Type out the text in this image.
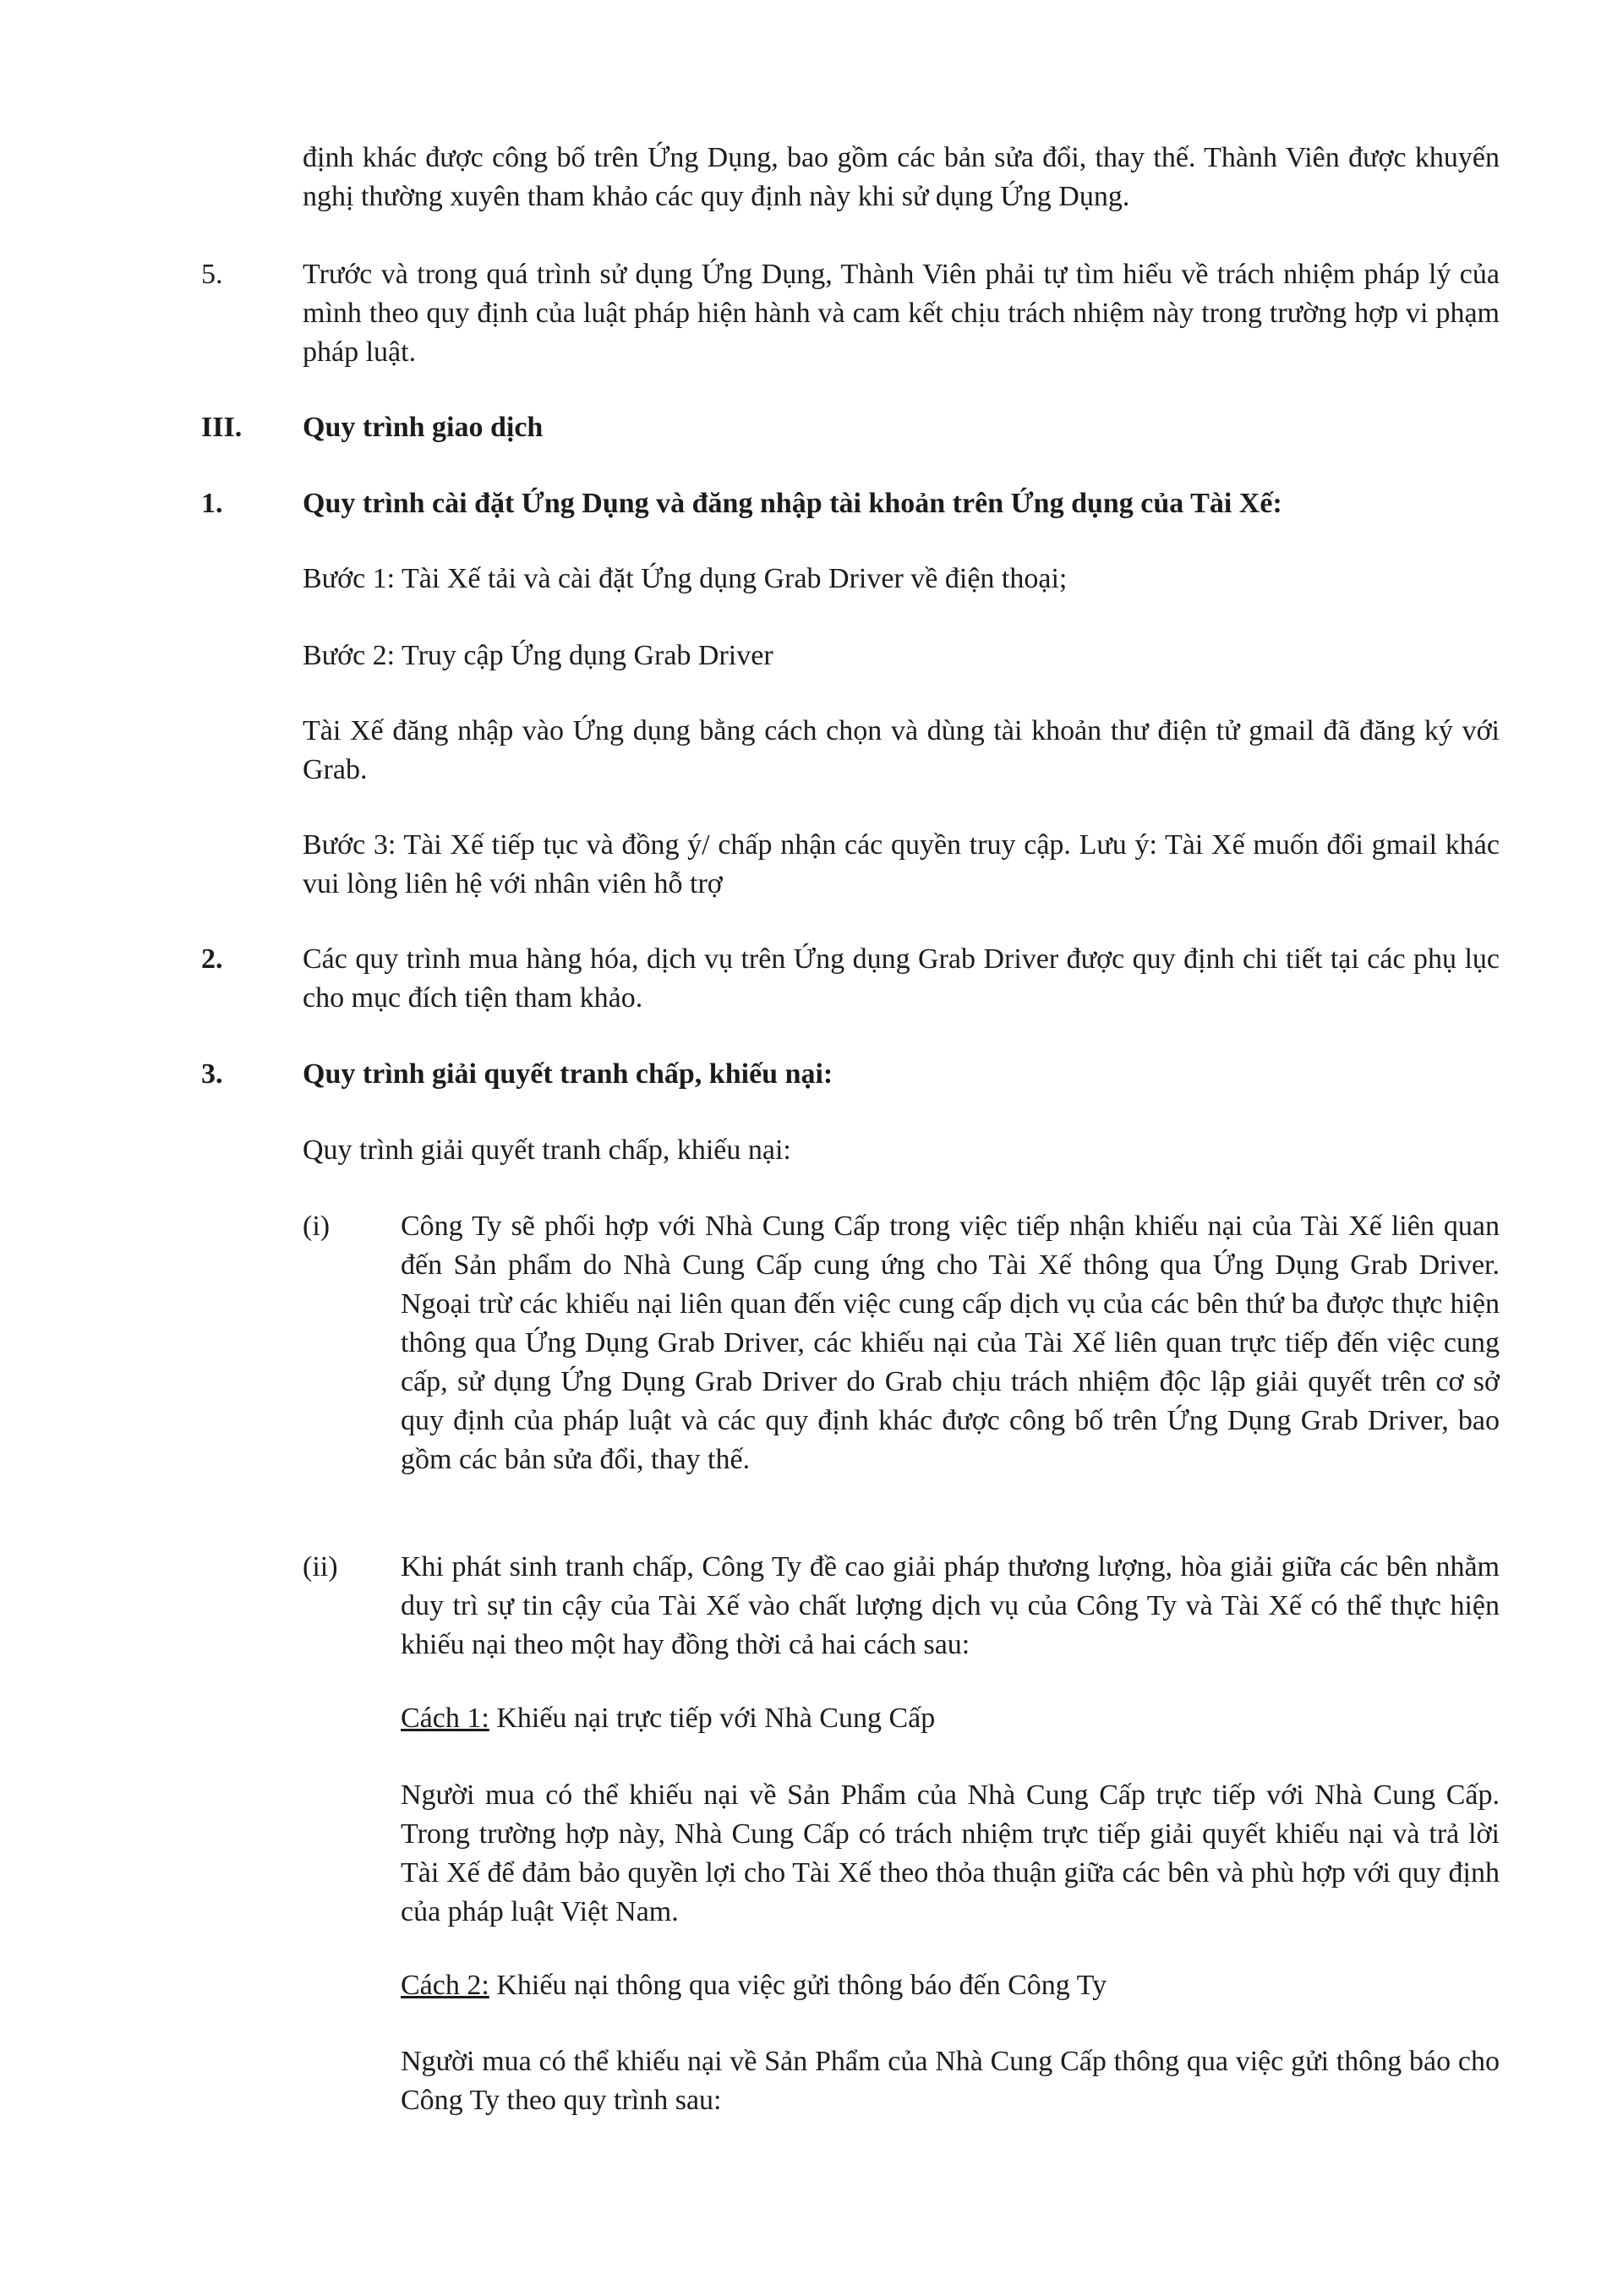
định khác được công bố trên Ứng Dụng, bao gồm các bản sửa đổi, thay thế. Thành Viên được khuyến nghị thường xuyên tham khảo các quy định này khi sử dụng Ứng Dụng.

5.	Trước và trong quá trình sử dụng Ứng Dụng, Thành Viên phải tự tìm hiểu về trách nhiệm pháp lý của mình theo quy định của luật pháp hiện hành và cam kết chịu trách nhiệm này trong trường hợp vi phạm pháp luật.

III. Quy trình giao dịch

1.	Quy trình cài đặt Ứng Dụng và đăng nhập tài khoản trên Ứng dụng của Tài Xế:

Bước 1: Tài Xế tải và cài đặt Ứng dụng Grab Driver về điện thoại;

Bước 2: Truy cập Ứng dụng Grab Driver

Tài Xế đăng nhập vào Ứng dụng bằng cách chọn và dùng tài khoản thư điện tử gmail đã đăng ký với Grab.

Bước 3: Tài Xế tiếp tục và đồng ý/ chấp nhận các quyền truy cập. Lưu ý: Tài Xế muốn đổi gmail khác vui lòng liên hệ với nhân viên hỗ trợ

2.	Các quy trình mua hàng hóa, dịch vụ trên Ứng dụng Grab Driver được quy định chi tiết tại các phụ lục cho mục đích tiện tham khảo.

3.	Quy trình giải quyết tranh chấp, khiếu nại:

Quy trình giải quyết tranh chấp, khiếu nại:

(i) Công Ty sẽ phối hợp với Nhà Cung Cấp trong việc tiếp nhận khiếu nại của Tài Xế liên quan đến Sản phẩm do Nhà Cung Cấp cung ứng cho Tài Xế thông qua Ứng Dụng Grab Driver. Ngoại trừ các khiếu nại liên quan đến việc cung cấp dịch vụ của các bên thứ ba được thực hiện thông qua Ứng Dụng Grab Driver, các khiếu nại của Tài Xế liên quan trực tiếp đến việc cung cấp, sử dụng Ứng Dụng Grab Driver do Grab chịu trách nhiệm độc lập giải quyết trên cơ sở quy định của pháp luật và các quy định khác được công bố trên Ứng Dụng Grab Driver, bao gồm các bản sửa đổi, thay thế.

(ii) Khi phát sinh tranh chấp, Công Ty đề cao giải pháp thương lượng, hòa giải giữa các bên nhằm duy trì sự tin cậy của Tài Xế vào chất lượng dịch vụ của Công Ty và Tài Xế có thể thực hiện khiếu nại theo một hay đồng thời cả hai cách sau:

Cách 1: Khiếu nại trực tiếp với Nhà Cung Cấp

Người mua có thể khiếu nại về Sản Phẩm của Nhà Cung Cấp trực tiếp với Nhà Cung Cấp. Trong trường hợp này, Nhà Cung Cấp có trách nhiệm trực tiếp giải quyết khiếu nại và trả lời Tài Xế để đảm bảo quyền lợi cho Tài Xế theo thỏa thuận giữa các bên và phù hợp với quy định của pháp luật Việt Nam.

Cách 2: Khiếu nại thông qua việc gửi thông báo đến Công Ty

Người mua có thể khiếu nại về Sản Phẩm của Nhà Cung Cấp thông qua việc gửi thông báo cho Công Ty theo quy trình sau:
